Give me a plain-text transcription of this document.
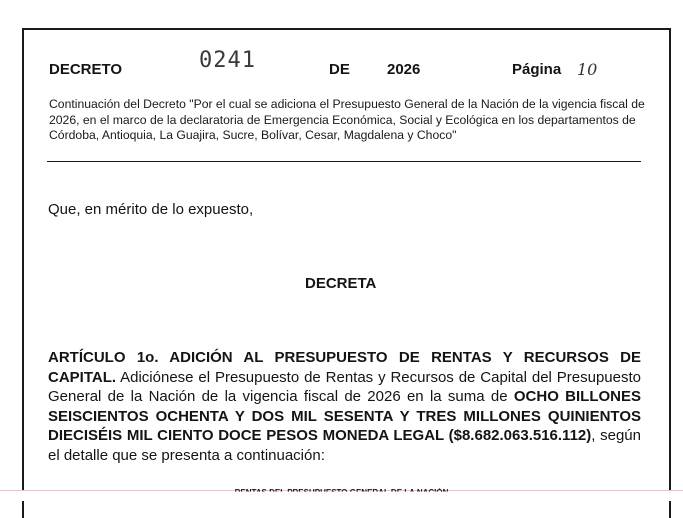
DECRETO	0241	DE 2026	Página 10
Continuación del Decreto "Por el cual se adiciona el Presupuesto General de la Nación de la vigencia fiscal de 2026, en el marco de la declaratoria de Emergencia Económica, Social y Ecológica en los departamentos de Córdoba, Antioquia, La Guajira, Sucre, Bolívar, Cesar, Magdalena y Choco"
Que, en mérito de lo expuesto,
DECRETA
ARTÍCULO 1o. ADICIÓN AL PRESUPUESTO DE RENTAS Y RECURSOS DE CAPITAL. Adiciónese el Presupuesto de Rentas y Recursos de Capital del Presupuesto General de la Nación de la vigencia fiscal de 2026 en la suma de OCHO BILLONES SEISCIENTOS OCHENTA Y DOS MIL SESENTA Y TRES MILLONES QUINIENTOS DIECISÉIS MIL CIENTO DOCE PESOS MONEDA LEGAL ($8.682.063.516.112), según el detalle que se presenta a continuación:
